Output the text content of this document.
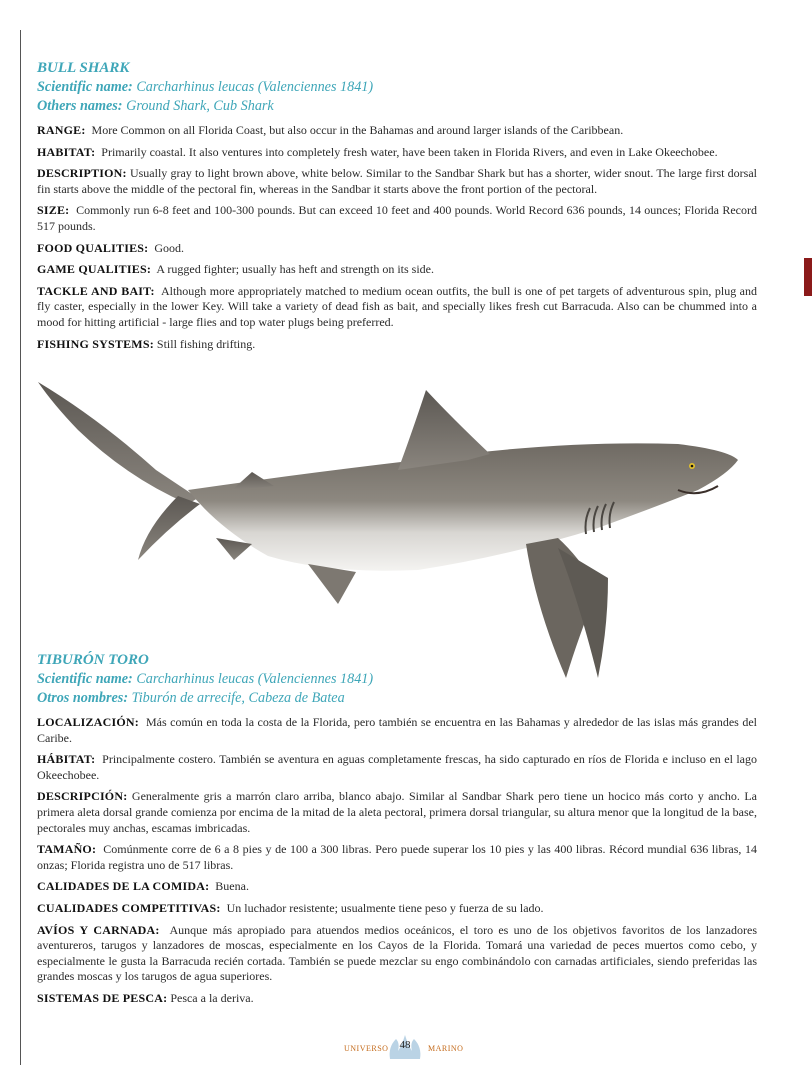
BULL SHARK

Scientific name: Carcharhinus leucas (Valenciennes 1841)

Others names: Ground Shark, Cub Shark

RANGE: More Common on all Florida Coast, but also occur in the Bahamas and around larger islands of the Caribbean.

HABITAT: Primarily coastal. It also ventures into completely fresh water, have been taken in Florida Rivers, and even in Lake Okeechobee.

DESCRIPTION: Usually gray to light brown above, white below. Similar to the Sandbar Shark but has a shorter, wider snout. The large first dorsal fin starts above the middle of the pectoral fin, whereas in the Sandbar it starts above the front portion of the pectoral.

SIZE: Commonly run 6-8 feet and 100-300 pounds. But can exceed 10 feet and 400 pounds. World Record 636 pounds, 14 ounces; Florida Record 517 pounds.

FOOD QUALITIES: Good.

GAME QUALITIES: A rugged fighter; usually has heft and strength on its side.

TACKLE AND BAIT: Although more appropriately matched to medium ocean outfits, the bull is one of pet targets of adventurous spin, plug and fly caster, especially in the lower Key. Will take a variety of dead fish as bait, and specially likes fresh cut Barracuda. Also can be chummed into a mood for hitting artificial - large flies and top water plugs being preferred.

FISHING SYSTEMS: Still fishing drifting.

TIBURÓN TORO

Scientific name: Carcharhinus leucas (Valenciennes 1841)

Otros nombres: Tiburón de arrecife, Cabeza de Batea

LOCALIZACIÓN: Más común en toda la costa de la Florida, pero también se encuentra en las Bahamas y alrededor de las islas más grandes del Caribe.

HÁBITAT: Principalmente costero. También se aventura en aguas completamente frescas, ha sido capturado en ríos de Florida e incluso en el lago Okeechobee.

DESCRIPCIÓN: Generalmente gris a marrón claro arriba, blanco abajo. Similar al Sandbar Shark pero tiene un hocico más corto y ancho. La primera aleta dorsal grande comienza por encima de la mitad de la aleta pectoral, primera dorsal triangular, su altura menor que la longitud de la base, pectorales muy anchas, escamas imbricadas.

TAMAÑO: Comúnmente corre de 6 a 8 pies y de 100 a 300 libras. Pero puede superar los 10 pies y las 400 libras. Récord mundial 636 libras, 14 onzas; Florida registra uno de 517 libras.

CALIDADES DE LA COMIDA: Buena.

CUALIDADES COMPETITIVAS: Un luchador resistente; usualmente tiene peso y fuerza de su lado.

AVÍOS Y CARNADA: Aunque más apropiado para atuendos medios oceánicos, el toro es uno de los objetivos favoritos de los lanzadores aventureros, tarugos y lanzadores de moscas, especialmente en los Cayos de la Florida. Tomará una variedad de peces muertos como cebo, y especialmente le gusta la Barracuda recién cortada. También se puede mezclar su engo combinándolo con carnadas artificiales, siendo preferidas las grandes moscas y los tarugos de agua superiores.

SISTEMAS DE PESCA: Pesca a la deriva.

UNIVERSO	48	MARINO
